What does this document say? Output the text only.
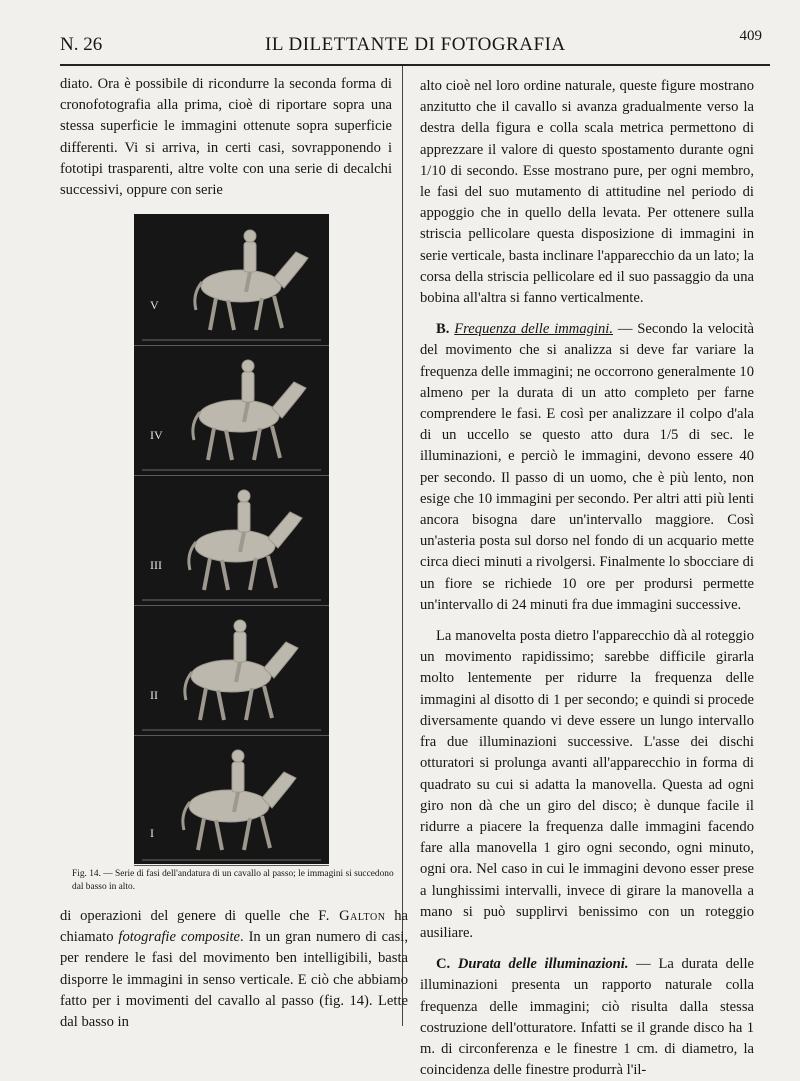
N. 26	IL DILETTANTE DI FOTOGRAFIA	409

diato. Ora è possibile di ricondurre la seconda forma di cronofotografia alla prima, cioè di riportare sopra una stessa superficie le immagini ottenute sopra superficie differenti. Vi si arriva, in certi casi, sovrapponendo i fototipi trasparenti, altre volte con una serie di decalchi successivi, oppure con serie

V
IV
III
II
I
Fig. 14. — Serie di fasi dell'andatura di un cavallo al passo; le immagini si succedono dal basso in alto.

di operazioni del genere di quelle che F. Galton ha chiamato fotografie composite. In un gran numero di casi, per rendere le fasi del movimento ben intelligibili, basta disporre le immagini in senso verticale. E ciò che abbiamo fatto per i movimenti del cavallo al passo (fig. 14). Lette dal basso in

alto cioè nel loro ordine naturale, queste figure mostrano anzitutto che il cavallo si avanza gradualmente verso la destra della figura e colla scala metrica permettono di apprezzare il valore di questo spostamento durante ogni 1/10 di secondo. Esse mostrano pure, per ogni membro, le fasi del suo mutamento di attitudine nel periodo di appoggio che in quello della levata. Per ottenere sulla striscia pellicolare questa disposizione di immagini in serie verticale, basta inclinare l'apparecchio da un lato; la corsa della striscia pellicolare ed il suo passaggio da una bobina all'altra si fanno verticalmente.

B. Frequenza delle immagini. — Secondo la velocità del movimento che si analizza si deve far variare la frequenza delle immagini; ne occorrono generalmente 10 almeno per la durata di un atto completo per farne comprendere le fasi. E così per analizzare il colpo d'ala di un uccello se questo atto dura 1/5 di sec. le illuminazioni, e perciò le immagini, devono essere 40 per secondo. Il passo di un uomo, che è più lento, non esige che 10 immagini per secondo. Per altri atti più lenti ancora bisogna dare un'intervallo maggiore. Così un'asteria posta sul dorso nel fondo di un acquario mette circa dieci minuti a rivolgersi. Finalmente lo sbocciare di un fiore se richiede 10 ore per prodursi permette un'intervallo di 24 minuti fra due immagini successive.

La manovelta posta dietro l'apparecchio dà al roteggio un movimento rapidissimo; sarebbe difficile girarla molto lentemente per ridurre la frequenza delle immagini al disotto di 1 per secondo; e quindi si procede diversamente quando vi deve essere un lungo intervallo fra due illuminazioni successive. L'asse dei dischi otturatori si prolunga avanti all'apparecchio in forma di quadrato su cui si adatta la manovella. Questa ad ogni giro non dà che un giro del disco; è dunque facile il ridurre a piacere la frequenza dalle immagini facendo fare alla manovella 1 giro ogni secondo, ogni minuto, ogni ora. Nel caso in cui le immagini devono esser prese a lunghissimi intervalli, invece di girare la manovella a mano si può supplirvi benissimo con un roteggio ausiliare.

C. Durata delle illuminazioni. — La durata delle illuminazioni presenta un rapporto naturale colla frequenza delle immagini; ciò risulta dalla stessa costruzione dell'otturatore. Infatti se il grande disco ha 1 m. di circonferenza e le finestre 1 cm. di diametro, la coincidenza delle finestre produrrà l'il-
